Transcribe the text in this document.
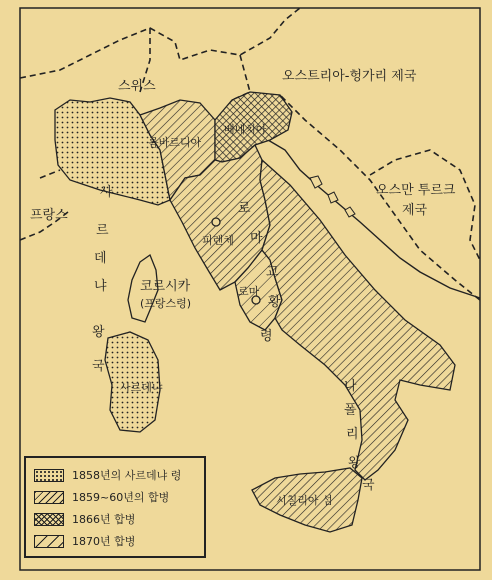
스위스
오스트리아-헝가리 제국
오스만 투르크
제국
프랑스
롬바르디아
베네치아
사
르
데
냐
왕
국
로
마
교
황
령
나
폴
리
왕
국
피렌체
로마
코르시카
(프랑스령)
사르데냐
시칠리아 섬
1858년의 사르데냐 령
1859~60년의 합병
1866년 합병
1870년 합병
